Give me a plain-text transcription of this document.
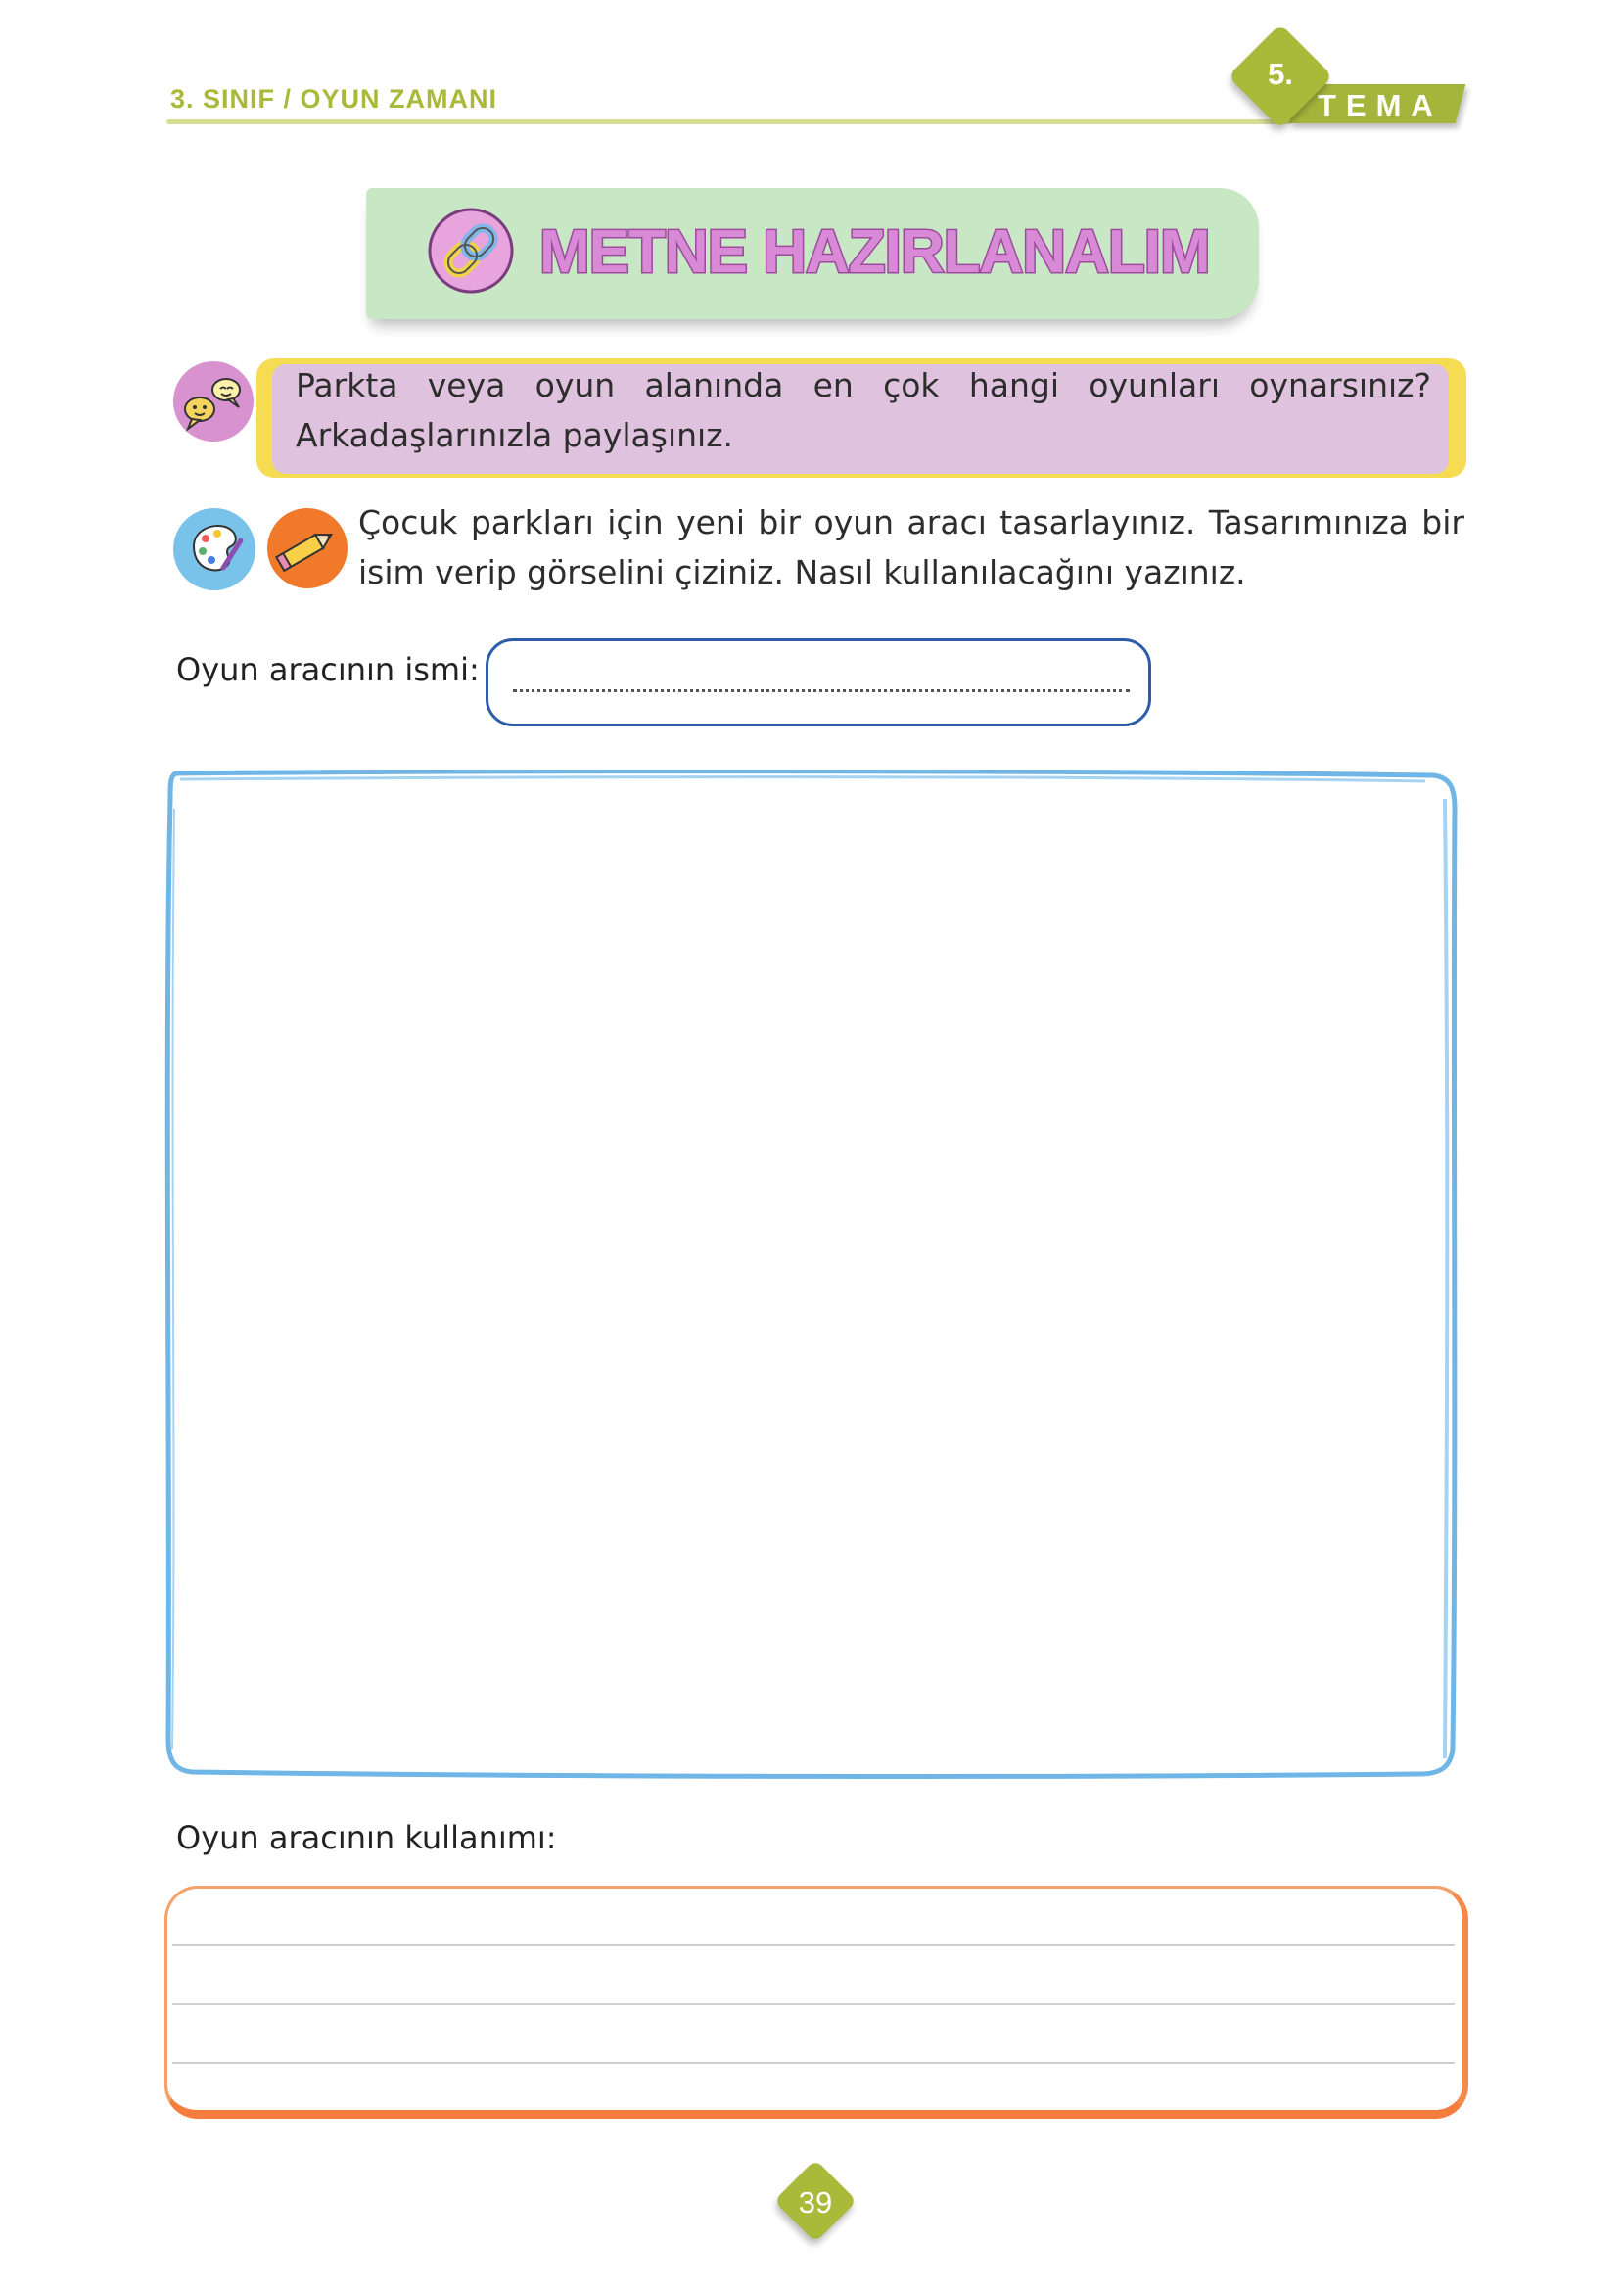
3. SINIF / OYUN ZAMANI	TEMA
5.
METNE HAZIRLANALIM
Parkta veya oyun alanında en çok hangi oyunları oynarsınız? Arkadaşlarınızla paylaşınız.
Çocuk parkları için yeni bir oyun aracı tasarlayınız. Tasarımınıza bir isim verip görselini çiziniz. Nasıl kullanılacağını yazınız.
Oyun aracının ismi:
Oyun aracının kullanımı:
39
